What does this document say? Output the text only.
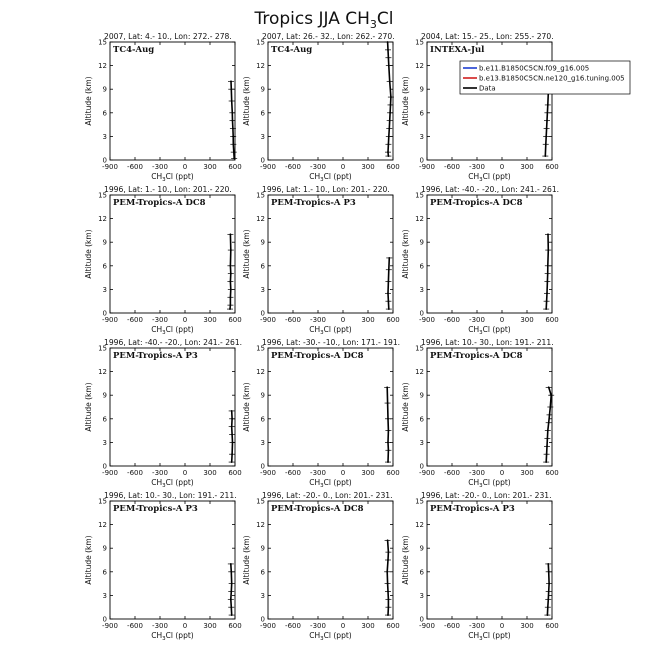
Tropics JJA $CH_3Cl$
2007, Lat: 4.- 10., Lon: 272.- 278.
TC4-Aug
0
3
6
9
12
15
-900 -600 -300 0 300 600
$CH_3Cl$ (ppt)
Altitude (km)
2007, Lat: 26.- 32., Lon: 262.- 270.
TC4-Aug
0
3
6
9
12
15
-900 -600 -300 0 300 600
$CH_3Cl$ (ppt)
Altitude (km)
2004, Lat: 15.- 25., Lon: 255.- 270.
INTEXA-Jul
0
3
6
9
12
15
-900 -600 -300 0 300 600
$CH_3Cl$ (ppt)
Altitude (km)
1996, Lat: 1.- 10., Lon: 201.- 220.
PEM-Tropics-A DC8
0
3
6
9
12
15
-900 -600 -300 0 300 600
$CH_3Cl$ (ppt)
Altitude (km)
1996, Lat: 1.- 10., Lon: 201.- 220.
PEM-Tropics-A P3
0
3
6
9
12
15
-900 -600 -300 0 300 600
$CH_3Cl$ (ppt)
Altitude (km)
1996, Lat: -40.- -20., Lon: 241.- 261.
PEM-Tropics-A DC8
0
3
6
9
12
15
-900 -600 -300 0 300 600
$CH_3Cl$ (ppt)
Altitude (km)
1996, Lat: -40.- -20., Lon: 241.- 261.
PEM-Tropics-A P3
0
3
6
9
12
15
-900 -600 -300 0 300 600
$CH_3Cl$ (ppt)
Altitude (km)
1996, Lat: -30.- -10., Lon: 171.- 191.
PEM-Tropics-A DC8
0
3
6
9
12
15
-900 -600 -300 0 300 600
$CH_3Cl$ (ppt)
Altitude (km)
1996, Lat: 10.- 30., Lon: 191.- 211.
PEM-Tropics-A DC8
0
3
6
9
12
15
-900 -600 -300 0 300 600
$CH_3Cl$ (ppt)
Altitude (km)
1996, Lat: 10.- 30., Lon: 191.- 211.
PEM-Tropics-A P3
0
3
6
9
12
15
-900 -600 -300 0 300 600
$CH_3Cl$ (ppt)
Altitude (km)
1996, Lat: -20.- 0., Lon: 201.- 231.
PEM-Tropics-A DC8
0
3
6
9
12
15
-900 -600 -300 0 300 600
$CH_3Cl$ (ppt)
Altitude (km)
1996, Lat: -20.- 0., Lon: 201.- 231.
PEM-Tropics-A P3
0
3
6
9
12
15
-900 -600 -300 0 300 600
$CH_3Cl$ (ppt)
Altitude (km)
b.e11.B1850C5CN.f09_g16.005
b.e13.B1850C5CN.ne120_g16.tuning.005
Data
